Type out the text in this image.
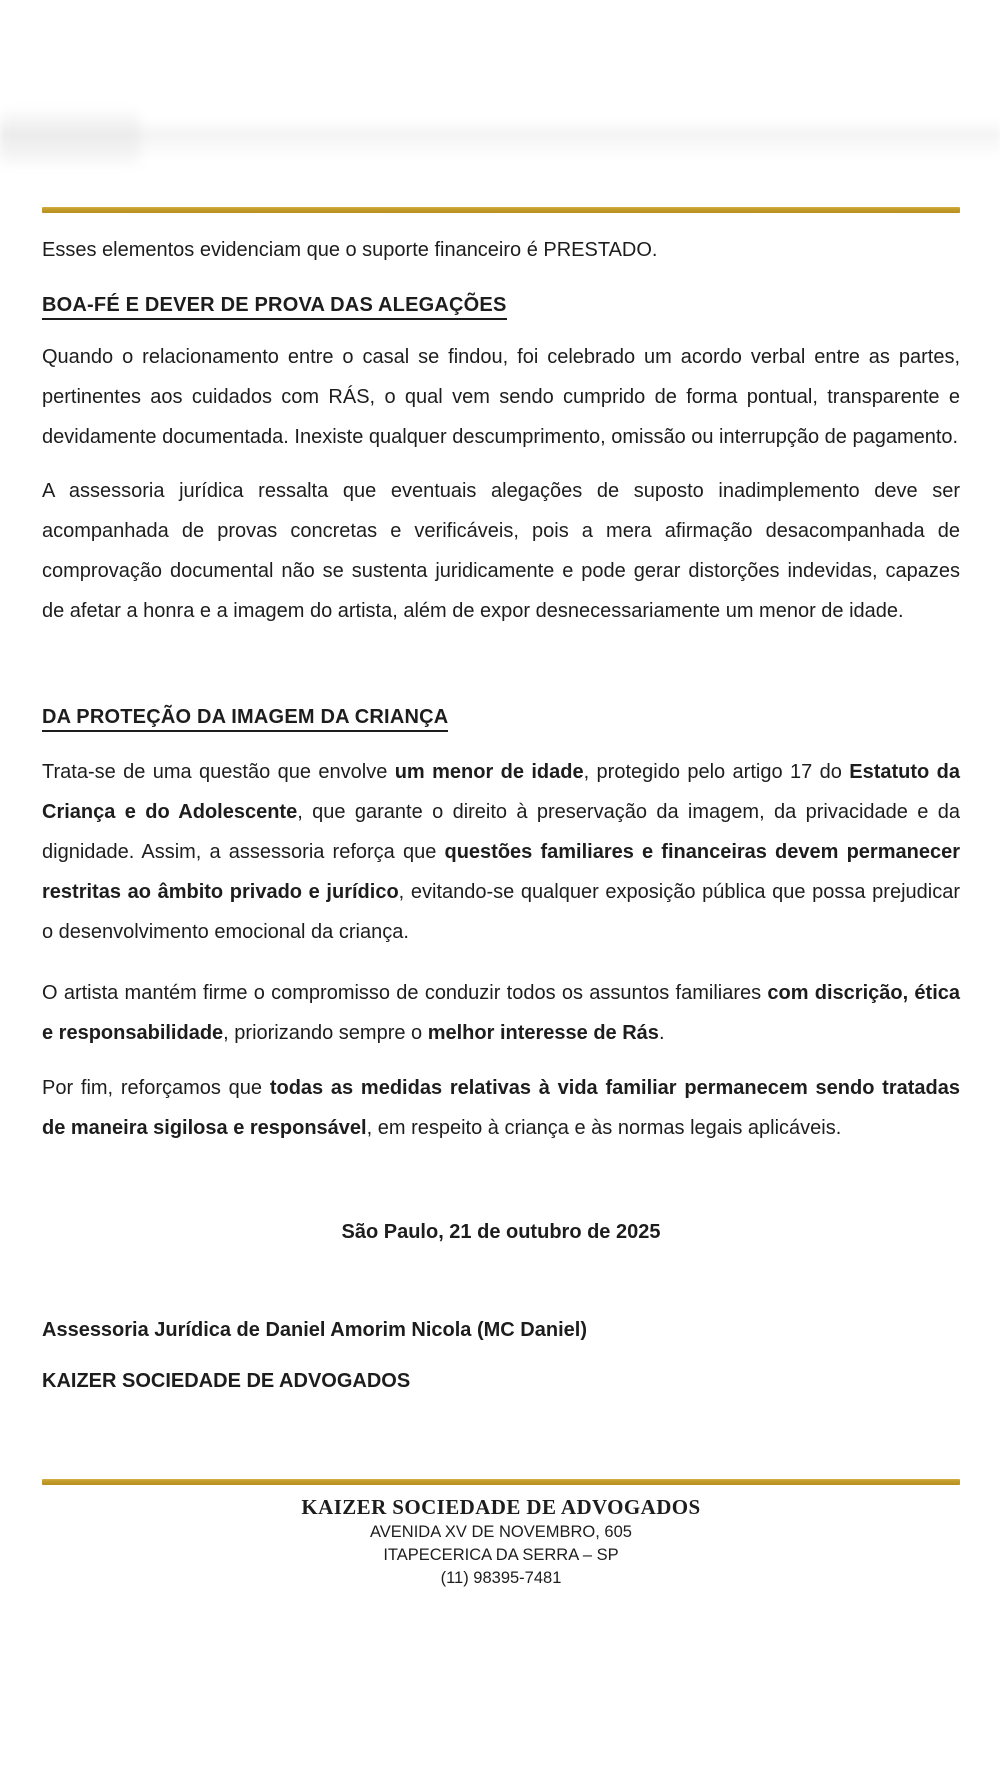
Esses elementos evidenciam que o suporte financeiro é PRESTADO.

BOA-FÉ E DEVER DE PROVA DAS ALEGAÇÕES

Quando o relacionamento entre o casal se findou, foi celebrado um acordo verbal entre as partes, pertinentes aos cuidados com RÁS, o qual vem sendo cumprido de forma pontual, transparente e devidamente documentada. Inexiste qualquer descumprimento, omissão ou interrupção de pagamento.

A assessoria jurídica ressalta que eventuais alegações de suposto inadimplemento deve ser acompanhada de provas concretas e verificáveis, pois a mera afirmação desacompanhada de comprovação documental não se sustenta juridicamente e pode gerar distorções indevidas, capazes de afetar a honra e a imagem do artista, além de expor desnecessariamente um menor de idade.

DA PROTEÇÃO DA IMAGEM DA CRIANÇA

Trata-se de uma questão que envolve um menor de idade, protegido pelo artigo 17 do Estatuto da Criança e do Adolescente, que garante o direito à preservação da imagem, da privacidade e da dignidade. Assim, a assessoria reforça que questões familiares e financeiras devem permanecer restritas ao âmbito privado e jurídico, evitando-se qualquer exposição pública que possa prejudicar o desenvolvimento emocional da criança.

O artista mantém firme o compromisso de conduzir todos os assuntos familiares com discrição, ética e responsabilidade, priorizando sempre o melhor interesse de Rás.

Por fim, reforçamos que todas as medidas relativas à vida familiar permanecem sendo tratadas de maneira sigilosa e responsável, em respeito à criança e às normas legais aplicáveis.

São Paulo, 21 de outubro de 2025

Assessoria Jurídica de Daniel Amorim Nicola (MC Daniel)

KAIZER SOCIEDADE DE ADVOGADOS

KAIZER SOCIEDADE DE ADVOGADOS
AVENIDA XV DE NOVEMBRO, 605
ITAPECERICA DA SERRA – SP
(11) 98395-7481
